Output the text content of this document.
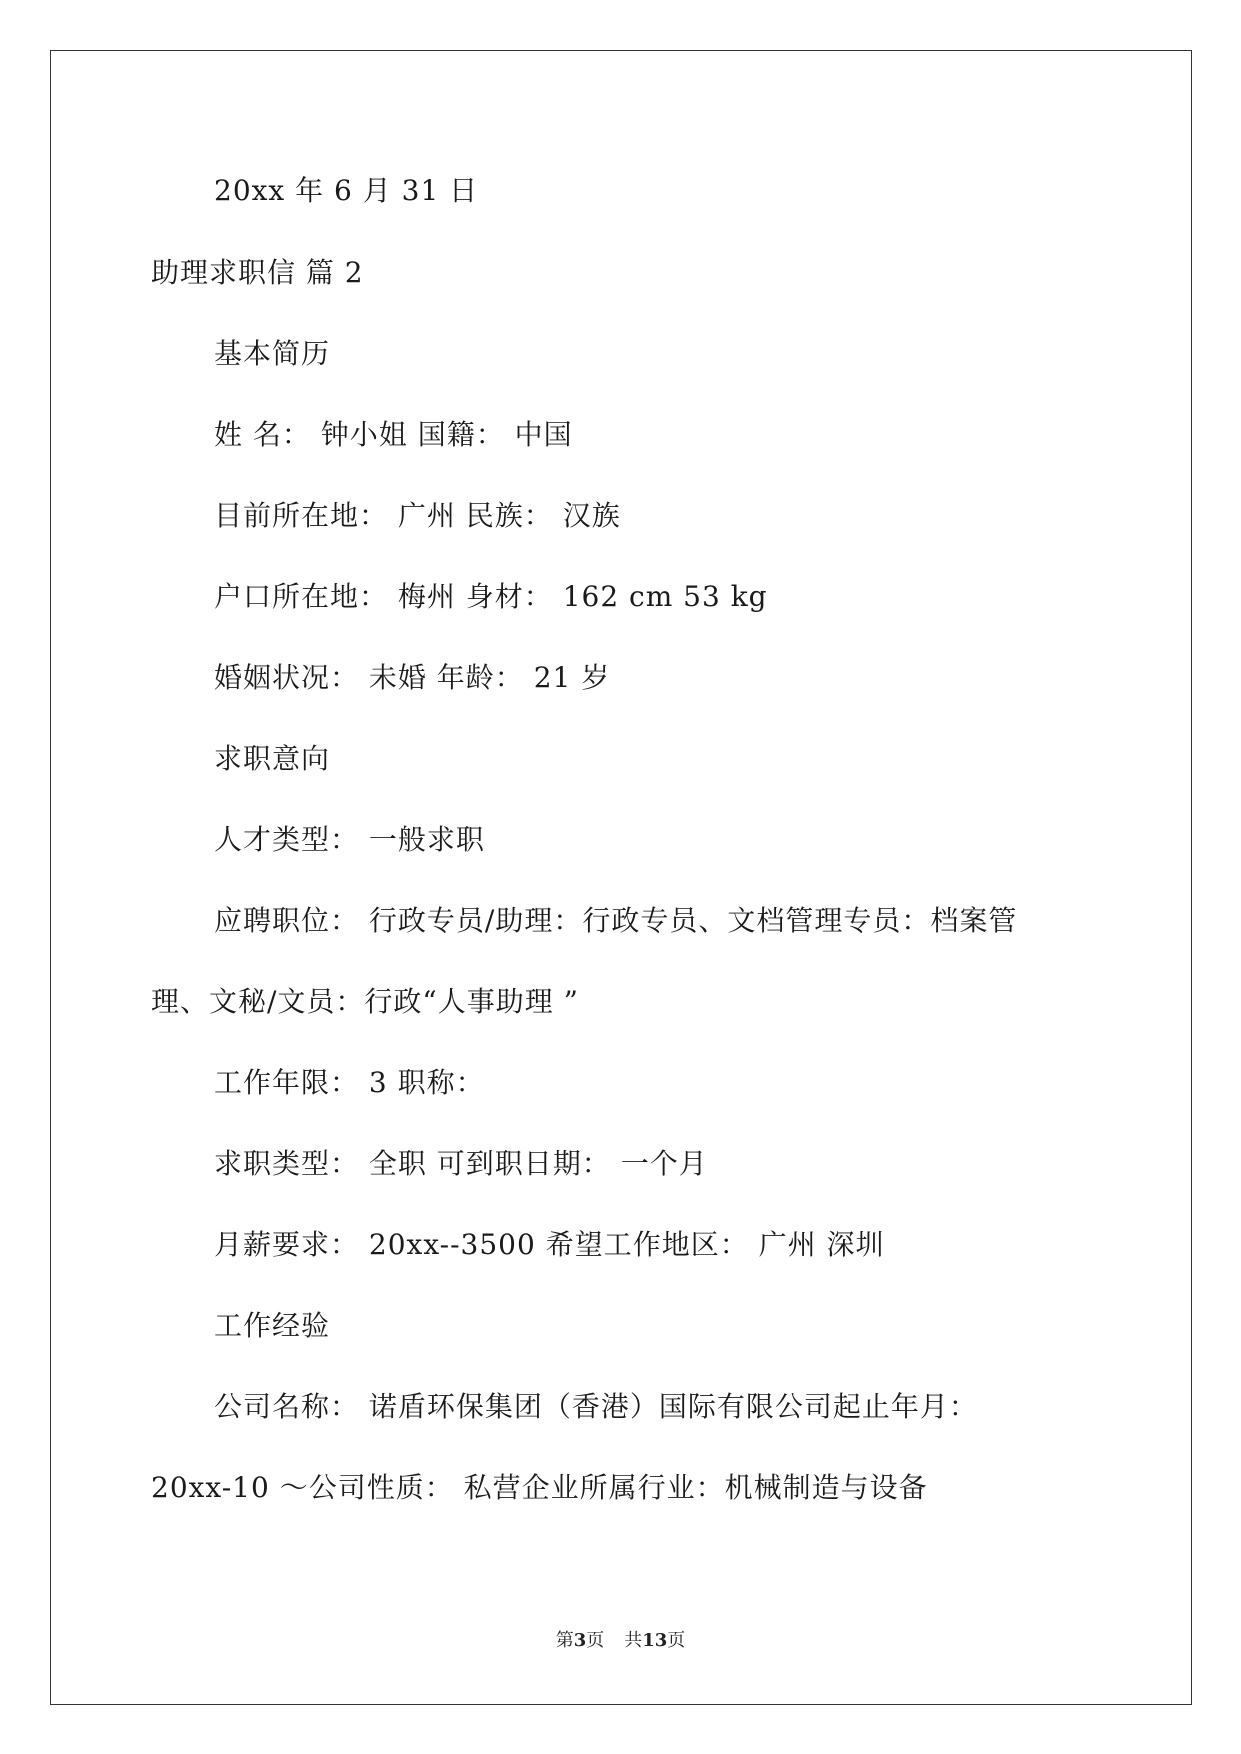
20xx 年 6 月 31 日
助理求职信 篇 2
基本简历
姓 名： 钟小姐 国籍： 中国
目前所在地： 广州 民族： 汉族
户口所在地： 梅州 身材： 162 cm 53 kg
婚姻状况： 未婚 年龄： 21 岁
求职意向
人才类型： 一般求职
应聘职位： 行政专员/助理：行政专员、文档管理专员：档案管
理、文秘/文员：行政“人事助理 ”
工作年限： 3 职称：
求职类型： 全职 可到职日期： 一个月
月薪要求： 20xx--3500 希望工作地区： 广州 深圳
工作经验
公司名称： 诺盾环保集团（香港）国际有限公司起止年月：
20xx-10 ～公司性质： 私营企业所属行业：机械制造与设备
第3页 共13页
